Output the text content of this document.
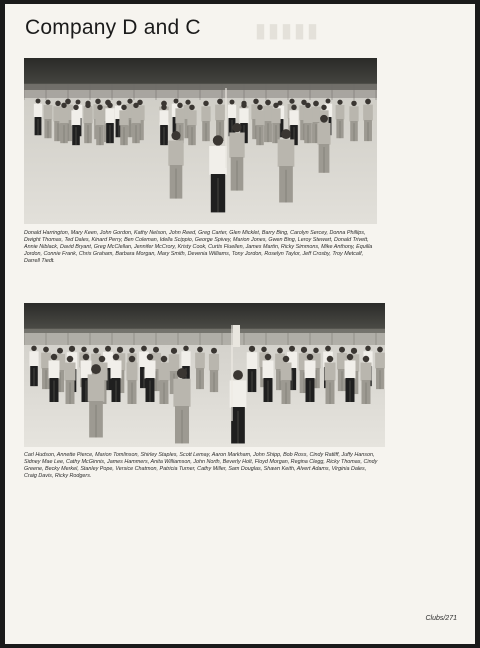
▮▮▮▮▮
Company D and C
Donald Harrington, Mary Keen, John Gordon, Kathy Nelson, John Reed, Greg Carter, Glen Micklet, Barry Bing, Carolyn Sercey, Donna Phillips, Dwight Thomas, Ted Dales, Kinard Perry, Ben Coleman, Idella Scippio, George Spivey, Marion Jones, Gwen Bing, Leroy Stewart, Donald Trivett, Annie Niblack, David Bryant, Greg McClellan, Jennifer McCrory, Kristy Cook, Curtis Fluellen, James Martin, Ricky Simmons, Mike Anthony, Equilla Jordon, Connie Frank, Chris Graham, Barbara Morgan, Mary Smith, Devenia Williams, Tony Jordon, Roselyn Taylor, Jeff Crosby, Troy Metcalf, Darrell Tiedt.
Carl Hudson, Annette Pierce, Marion Tomlinson, Shirley Staples, Scott Lemay, Aaron Markham, John Shipp, Bob Ross, Cindy Ratliff, Juffy Hanson, Sidney Mae Lee, Cathy McGinnis, James Hammers, Anita Williamson, John North, Beverly Holt, Floyd Morgan, Regina Clegg, Ricky Thomas, Cindy Greene, Becky Merkel, Stanley Pope, Versice Chatmon, Patricia Turner, Cathy Miller, Sam Douglas, Shawn Keith, Alvert Adams, Virginia Dales, Craig Davis, Ricky Rodgers.
Clubs/271
